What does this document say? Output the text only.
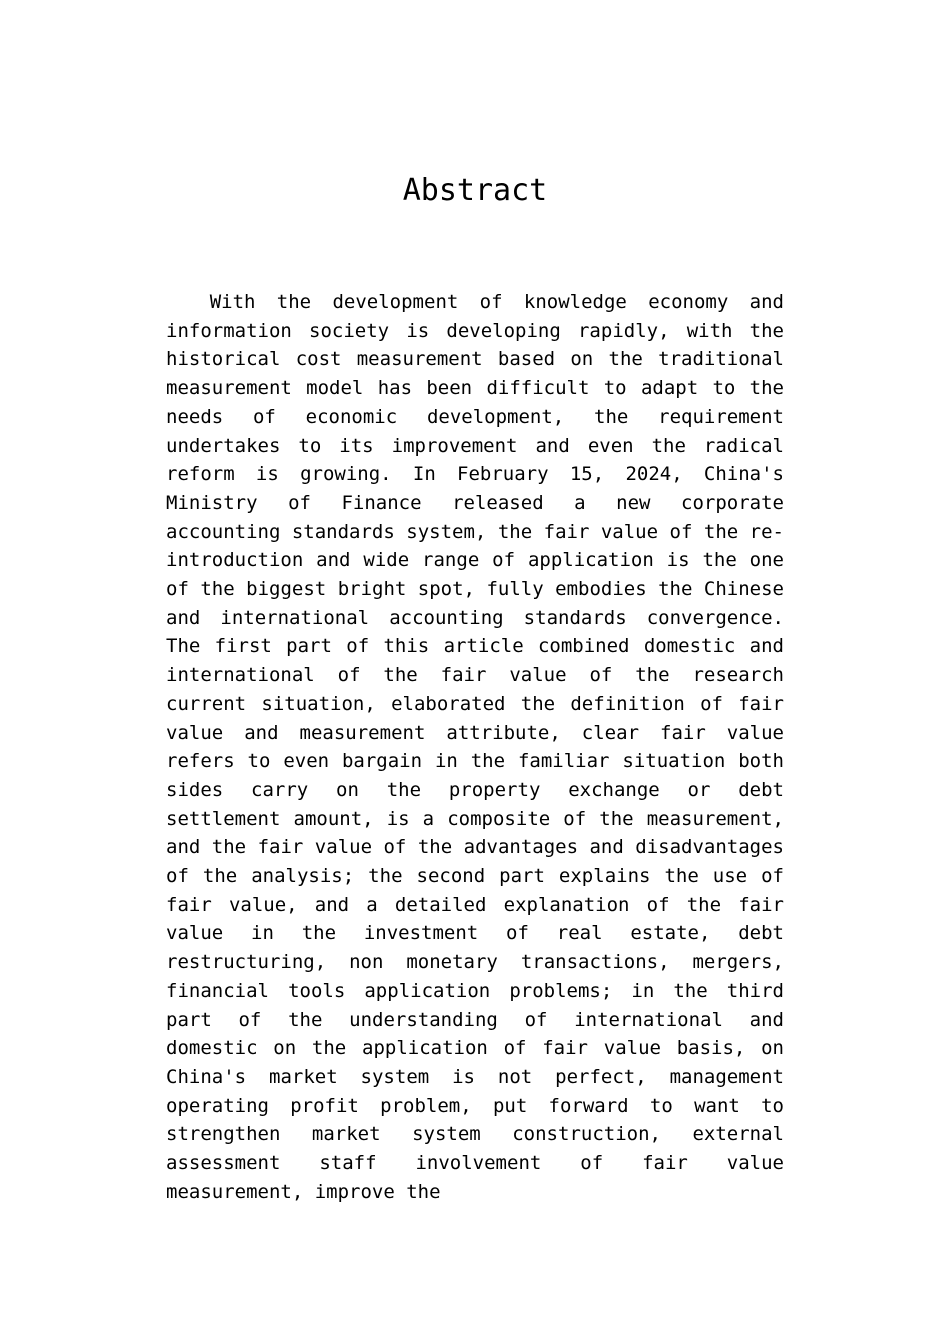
Abstract

With the development of knowledge economy and information society is developing rapidly, with the historical cost measurement based on the traditional measurement model has been difficult to adapt to the needs of economic development, the requirement undertakes to its improvement and even the radical reform is growing. In February 15, 2024, China's Ministry of Finance released a new corporate accounting standards system, the fair value of the re-introduction and wide range of application is the one of the biggest bright spot, fully embodies the Chinese and international accounting standards convergence. The first part of this article combined domestic and international of the fair value of the research current situation, elaborated the definition of fair value and measurement attribute, clear fair value refers to even bargain in the familiar situation both sides carry on the property exchange or debt settlement amount, is a composite of the measurement, and the fair value of the advantages and disadvantages of the analysis; the second part explains the use of fair value, and a detailed explanation of the fair value in the investment of real estate, debt restructuring, non monetary transactions, mergers, financial tools application problems; in the third part of the understanding of international and domestic on the application of fair value basis, on China's market system is not perfect, management operating profit problem, put forward to want to strengthen market system construction, external assessment staff involvement of fair value measurement, improve the
